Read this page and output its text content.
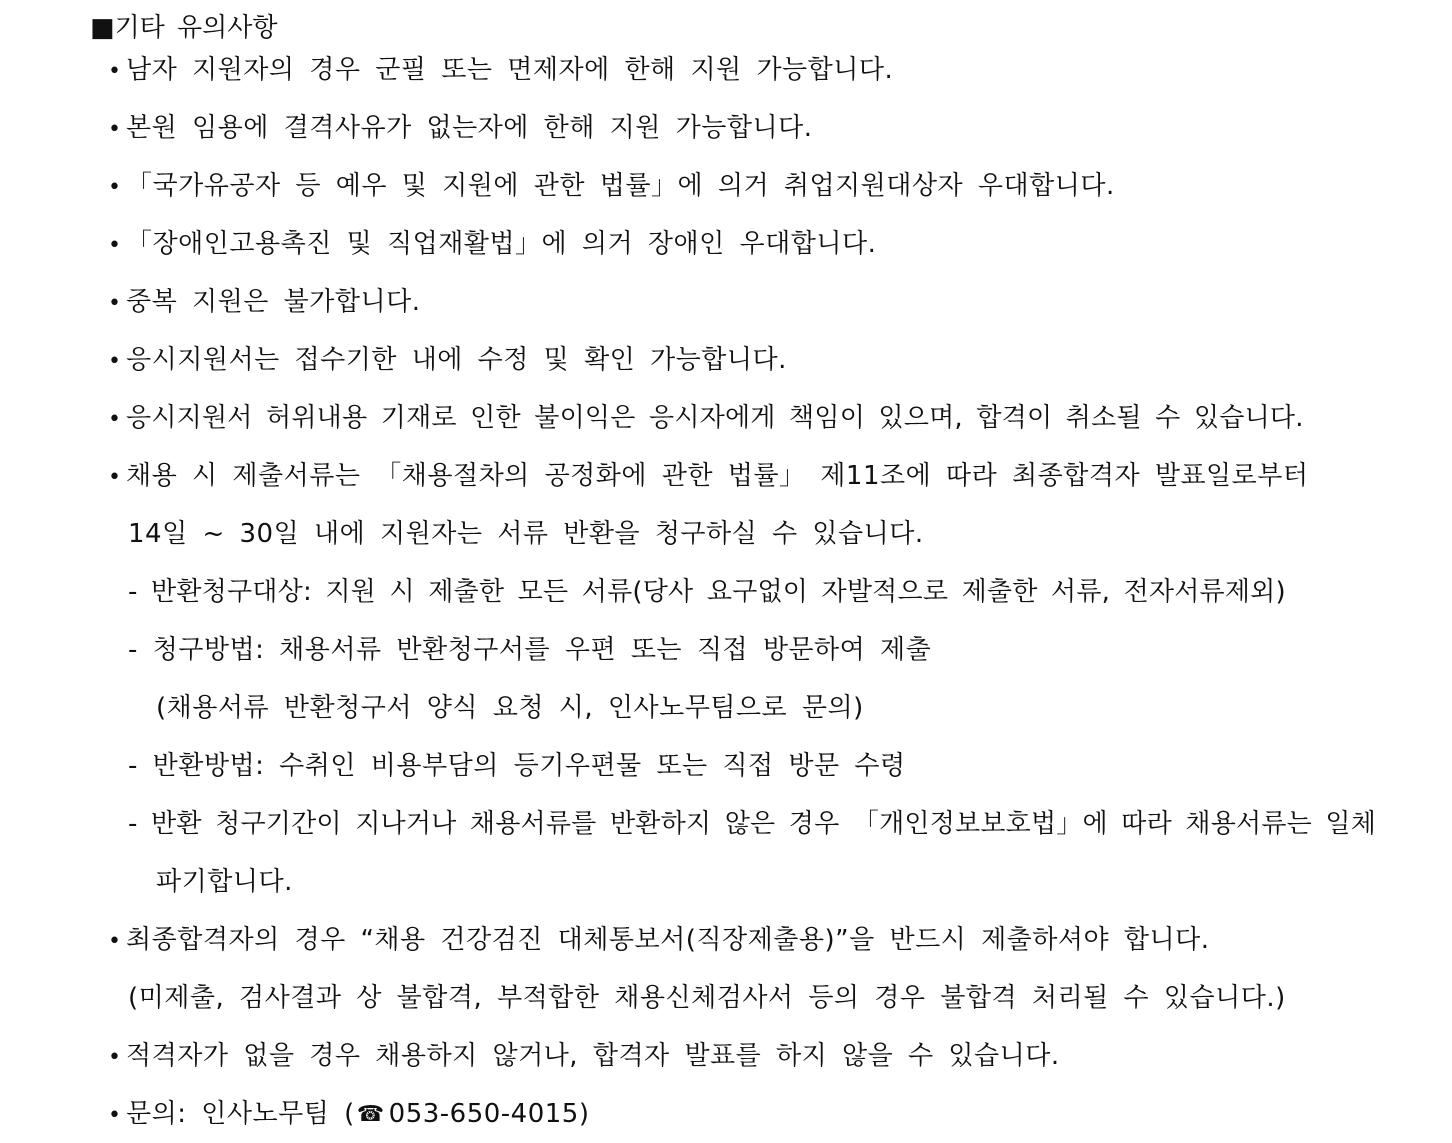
■기타 유의사항
• 남자 지원자의 경우 군필 또는 면제자에 한해 지원 가능합니다.
• 본원 임용에 결격사유가 없는자에 한해 지원 가능합니다.
• 「국가유공자 등 예우 및 지원에 관한 법률」에 의거 취업지원대상자 우대합니다.
• 「장애인고용촉진 및 직업재활법」에 의거 장애인 우대합니다.
• 중복 지원은 불가합니다.
• 응시지원서는 접수기한 내에 수정 및 확인 가능합니다.
• 응시지원서 허위내용 기재로 인한 불이익은 응시자에게 책임이 있으며, 합격이 취소될 수 있습니다.
• 채용 시 제출서류는 「채용절차의 공정화에 관한 법률」 제11조에 따라 최종합격자 발표일로부터
14일 ~ 30일 내에 지원자는 서류 반환을 청구하실 수 있습니다.
- 반환청구대상: 지원 시 제출한 모든 서류(당사 요구없이 자발적으로 제출한 서류, 전자서류제외)
- 청구방법: 채용서류 반환청구서를 우편 또는 직접 방문하여 제출
(채용서류 반환청구서 양식 요청 시, 인사노무팀으로 문의)
- 반환방법: 수취인 비용부담의 등기우편물 또는 직접 방문 수령
- 반환 청구기간이 지나거나 채용서류를 반환하지 않은 경우 「개인정보보호법」에 따라 채용서류는 일체
파기합니다.
• 최종합격자의 경우 “채용 건강검진 대체통보서(직장제출용)”을 반드시 제출하셔야 합니다.
(미제출, 검사결과 상 불합격, 부적합한 채용신체검사서 등의 경우 불합격 처리될 수 있습니다.)
• 적격자가 없을 경우 채용하지 않거나, 합격자 발표를 하지 않을 수 있습니다.
• 문의: 인사노무팀 (☎ 053-650-4015)
